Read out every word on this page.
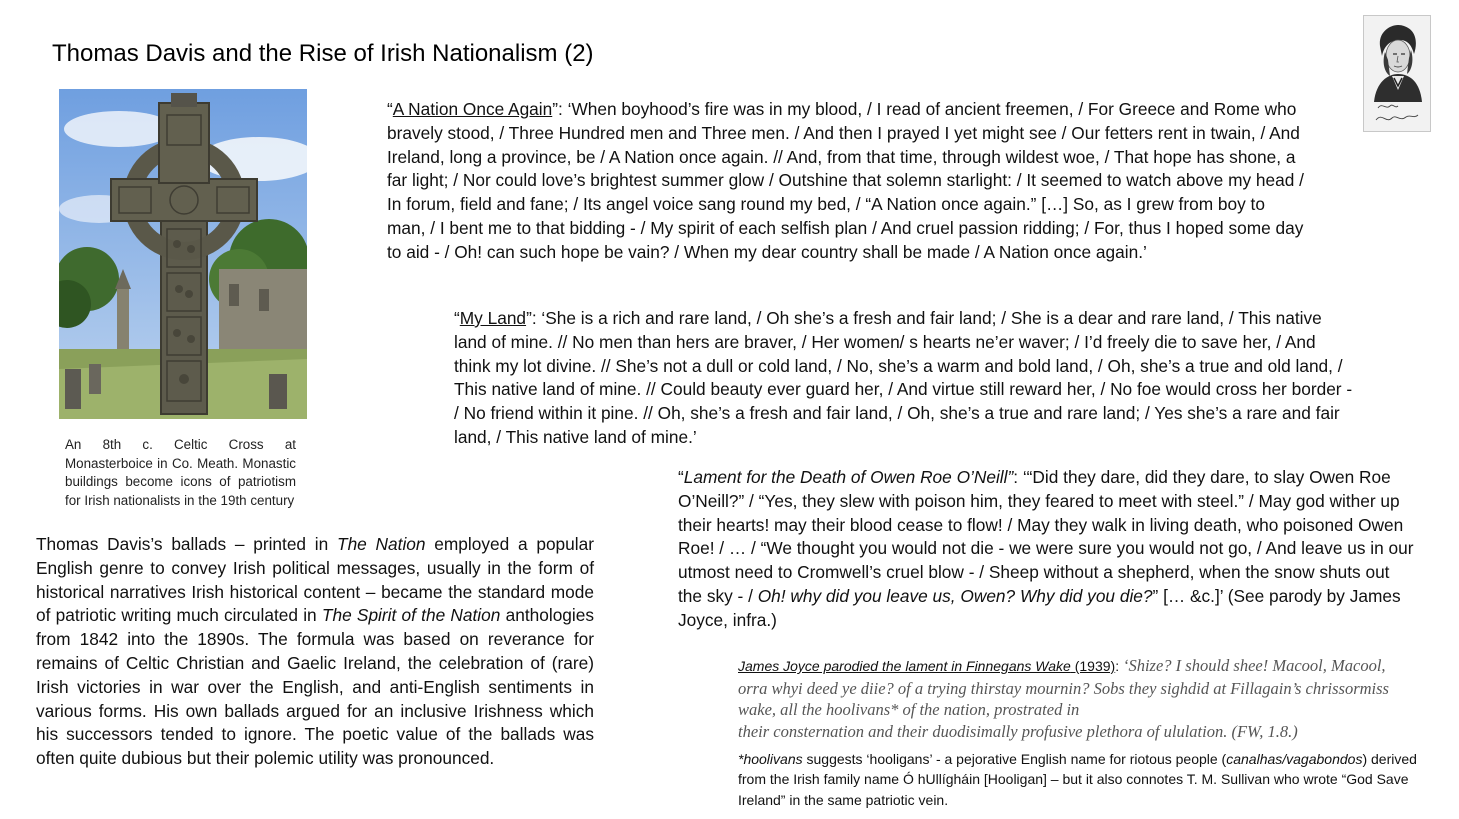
Thomas Davis and the Rise of Irish Nationalism (2)
An 8th c. Celtic Cross at Monasterboice in Co. Meath. Monastic buildings become icons of patriotism for Irish nationalists in the 19th century
“A Nation Once Again”: ‘When boyhood’s fire was in my blood, / I read of ancient freemen, / For Greece and Rome who bravely stood, / Three Hundred men and Three men. / And then I prayed I yet might see / Our fetters rent in twain, / And Ireland, long a province, be / A Nation once again. // And, from that time, through wildest woe, / That hope has shone, a far light; / Nor could love’s brightest summer glow / Outshine that solemn starlight: / It seemed to watch above my head / In forum, field and fane; / Its angel voice sang round my bed, / “A Nation once again.” […] So, as I grew from boy to man, / I bent me to that bidding - / My spirit of each selfish plan / And cruel passion ridding; / For, thus I hoped some day to aid - / Oh! can such hope be vain? / When my dear country shall be made / A Nation once again.’
“My Land”: ‘She is a rich and rare land, / Oh she’s a fresh and fair land; / She is a dear and rare land, / This native land of mine. // No men than hers are braver, / Her women/ s hearts ne’er waver; / I’d freely die to save her, / And think my lot divine. // She’s not a dull or cold land, / No, she’s a warm and bold land, / Oh, she’s a true and old land, / This native land of mine. // Could beauty ever guard her, / And virtue still reward her, / No foe would cross her border - / No friend within it pine. // Oh, she’s a fresh and fair land, / Oh, she’s a true and rare land; / Yes she’s a rare and fair land, / This native land of mine.’
“Lament for the Death of Owen Roe O’Neill”: ‘“Did they dare, did they dare, to slay Owen Roe O’Neill?” / “Yes, they slew with poison him, they feared to meet with steel.” / May god wither up their hearts! may their blood cease to flow! / May they walk in living death, who poisoned Owen Roe! / … / “We thought you would not die - we were sure you would not go, / And leave us in our utmost need to Cromwell’s cruel blow - / Sheep without a shepherd, when the snow shuts out the sky - / Oh! why did you leave us, Owen? Why did you die?” [… &c.]’ (See parody by James Joyce, infra.)
Thomas Davis’s ballads – printed in The Nation employed a popular English genre to convey Irish political messages, usually in the form of historical narratives Irish historical content – became the standard mode of patriotic writing much circulated in The Spirit of the Nation anthologies from 1842 into the 1890s. The formula was based on reverance for remains of Celtic Christian and Gaelic Ireland, the celebration of (rare) Irish victories in war over the English, and anti-English sentiments in various forms. His own ballads argued for an inclusive Irishness which his successors tended to ignore. The poetic value of the ballads was often quite dubious but their polemic utility was pronounced.
James Joyce parodied the lament in Finnegans Wake (1939): ‘Shize? I should shee! Macool, Macool, orra whyi deed ye diie? of a trying thirstay mournin? Sobs they sighdid at Fillagain’s chrissormiss wake, all the hoolivans* of the nation, prostrated in
their consternation and their duodisimally profusive plethora of ululation. (FW, 1.8.)
*hoolivans suggests ‘hooligans’ - a pejorative English name for riotous people (canalhas/vagabondos) derived from the Irish family name Ó hUllígháin [Hooligan] – but it also connotes T. M. Sullivan who wrote “God Save Ireland” in the same patriotic vein.
